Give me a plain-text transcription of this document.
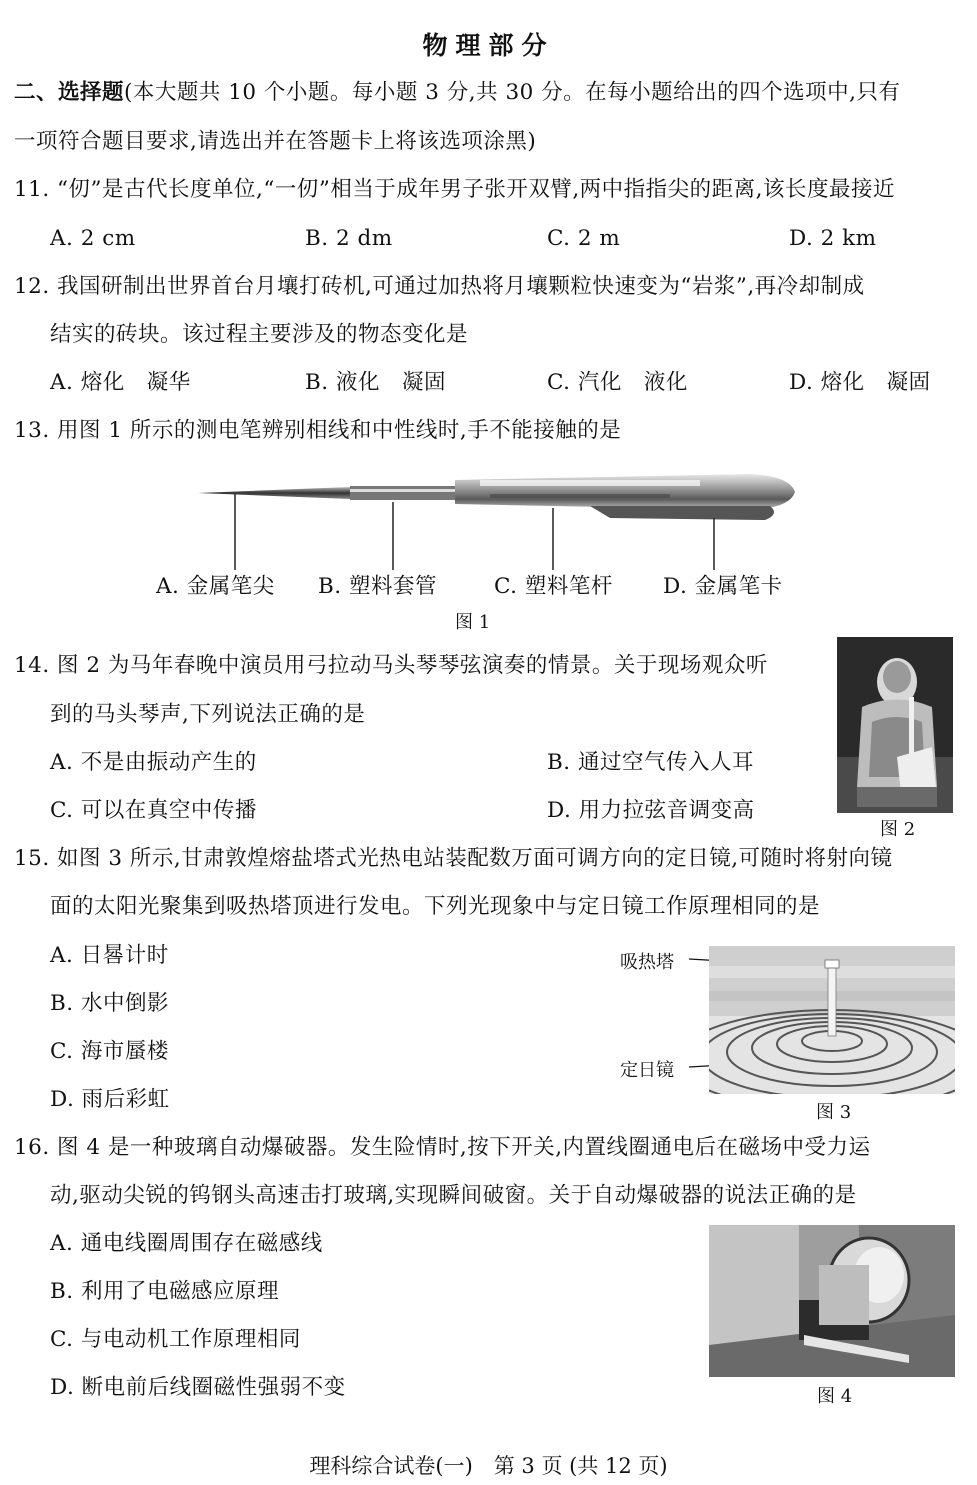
物理部分
二、选择题(本大题共 10 个小题。每小题 3 分,共 30 分。在每小题给出的四个选项中,只有
一项符合题目要求,请选出并在答题卡上将该选项涂黑)
11. “仞”是古代长度单位,“一仞”相当于成年男子张开双臂,两中指指尖的距离,该长度最接近
A. 2 cm	B. 2 dm	C. 2 m	D. 2 km
12. 我国研制出世界首台月壤打砖机,可通过加热将月壤颗粒快速变为“岩浆”,再冷却制成
结实的砖块。该过程主要涉及的物态变化是
A. 熔化　凝华	B. 液化　凝固	C. 汽化　液化	D. 熔化　凝固
13. 用图 1 所示的测电笔辨别相线和中性线时,手不能接触的是
A. 金属笔尖 B. 塑料套管	C. 塑料笔杆 D. 金属笔卡
图 1
14. 图 2 为马年春晚中演员用弓拉动马头琴琴弦演奏的情景。关于现场观众听
到的马头琴声,下列说法正确的是
A. 不是由振动产生的	B. 通过空气传入人耳
C. 可以在真空中传播	D. 用力拉弦音调变高
图 2
15. 如图 3 所示,甘肃敦煌熔盐塔式光热电站装配数万面可调方向的定日镜,可随时将射向镜
面的太阳光聚集到吸热塔顶进行发电。下列光现象中与定日镜工作原理相同的是
A. 日晷计时
B. 水中倒影
C. 海市蜃楼
D. 雨后彩虹
吸热塔
定日镜
图 3
16. 图 4 是一种玻璃自动爆破器。发生险情时,按下开关,内置线圈通电后在磁场中受力运
动,驱动尖锐的钨钢头高速击打玻璃,实现瞬间破窗。关于自动爆破器的说法正确的是
A. 通电线圈周围存在磁感线
B. 利用了电磁感应原理
C. 与电动机工作原理相同
D. 断电前后线圈磁性强弱不变	图 4
理科综合试卷(一)　第 3 页 (共 12 页)
